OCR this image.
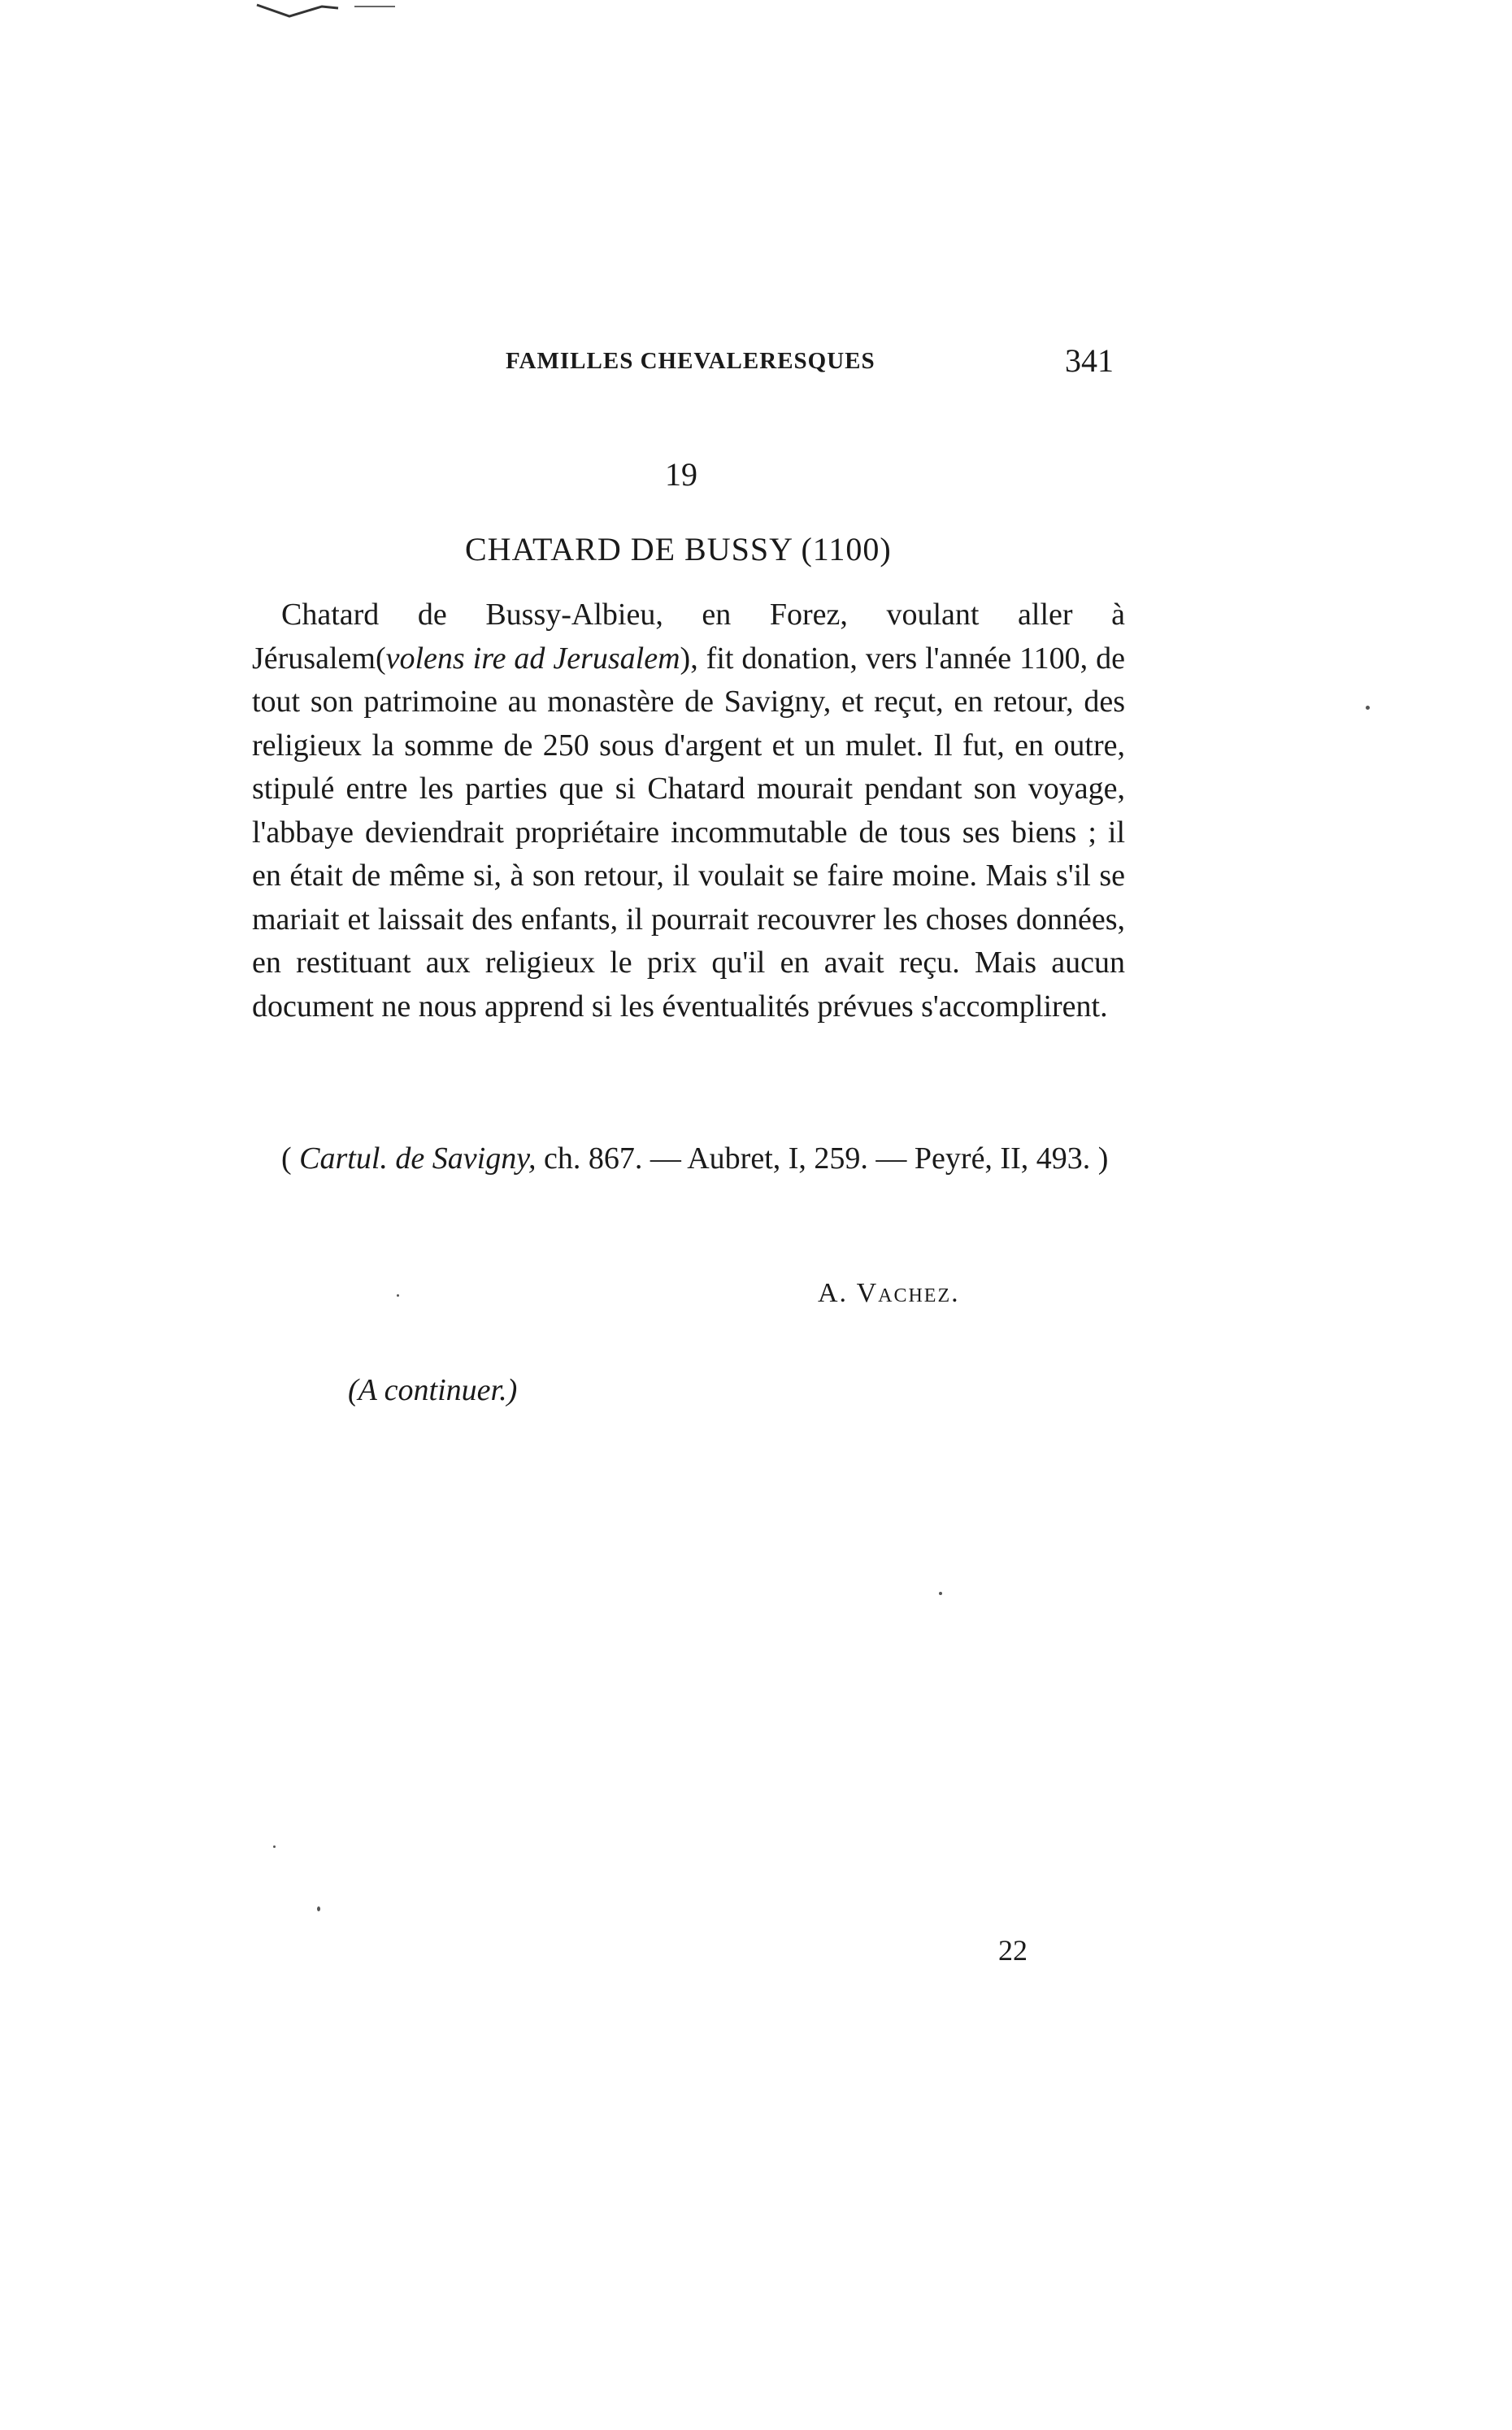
FAMILLES CHEVALERESQUES	341
19
CHATARD DE BUSSY (1100)

Chatard de Bussy-Albieu, en Forez, voulant aller à Jérusalem(volens ire ad Jerusalem), fit donation, vers l'année 1100, de tout son patrimoine au monastère de Savigny, et reçut, en retour, des religieux la somme de 250 sous d'argent et un mulet. Il fut, en outre, stipulé entre les parties que si Chatard mourait pendant son voyage, l'abbaye deviendrait propriétaire incommutable de tous ses biens ; il en était de même si, à son retour, il voulait se faire moine. Mais s'il se mariait et laissait des enfants, il pourrait recouvrer les choses données, en restituant aux religieux le prix qu'il en avait reçu. Mais aucun document ne nous apprend si les éventualités prévues s'accomplirent.

( Cartul. de Savigny, ch. 867. — Aubret, I, 259. — Peyré, II, 493. )

A. Vachez.
(A continuer.)
22
